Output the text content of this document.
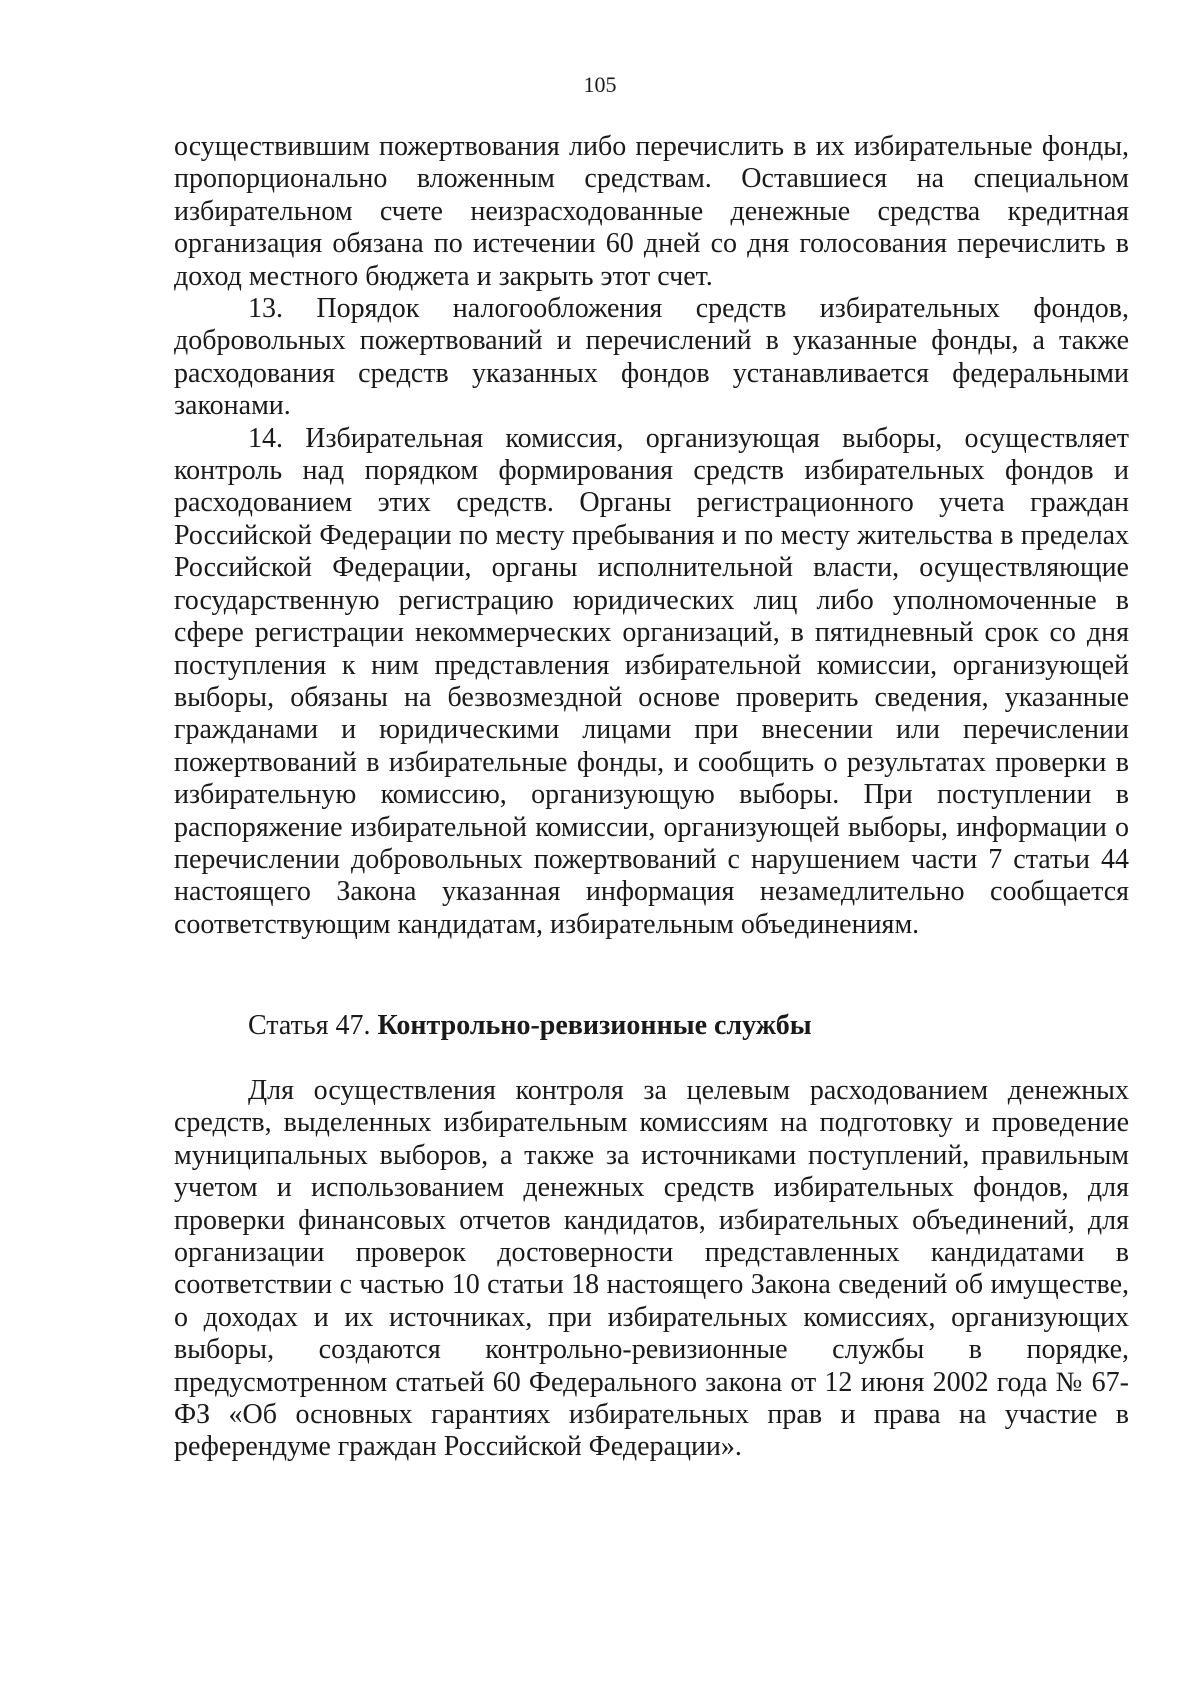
105

осуществившим пожертвования либо перечислить в их избирательные фонды, пропорционально вложенным средствам. Оставшиеся на специальном избирательном счете неизрасходованные денежные средства кредитная организация обязана по истечении 60 дней со дня голосования перечислить в доход местного бюджета и закрыть этот счет.

13. Порядок налогообложения средств избирательных фондов, добровольных пожертвований и перечислений в указанные фонды, а также расходования средств указанных фондов устанавливается федеральными законами.

14. Избирательная комиссия, организующая выборы, осуществляет контроль над порядком формирования средств избирательных фондов и расходованием этих средств. Органы регистрационного учета граждан Российской Федерации по месту пребывания и по месту жительства в пределах Российской Федерации, органы исполнительной власти, осуществляющие государственную регистрацию юридических лиц либо уполномоченные в сфере регистрации некоммерческих организаций, в пятидневный срок со дня поступления к ним представления избирательной комиссии, организующей выборы, обязаны на безвозмездной основе проверить сведения, указанные гражданами и юридическими лицами при внесении или перечислении пожертвований в избирательные фонды, и сообщить о результатах проверки в избирательную комиссию, организующую выборы. При поступлении в распоряжение избирательной комиссии, организующей выборы, информации о перечислении добровольных пожертвований с нарушением части 7 статьи 44 настоящего Закона указанная информация незамедлительно сообщается соответствующим кандидатам, избирательным объединениям.

Статья 47. Контрольно-ревизионные службы

Для осуществления контроля за целевым расходованием денежных средств, выделенных избирательным комиссиям на подготовку и проведение муниципальных выборов, а также за источниками поступлений, правильным учетом и использованием денежных средств избирательных фондов, для проверки финансовых отчетов кандидатов, избирательных объединений, для организации проверок достоверности представленных кандидатами в соответствии с частью 10 статьи 18 настоящего Закона сведений об имуществе, о доходах и их источниках, при избирательных комиссиях, организующих выборы, создаются контрольно-ревизионные службы в порядке, предусмотренном статьей 60 Федерального закона от 12 июня 2002 года № 67-ФЗ «Об основных гарантиях избирательных прав и права на участие в референдуме граждан Российской Федерации».
